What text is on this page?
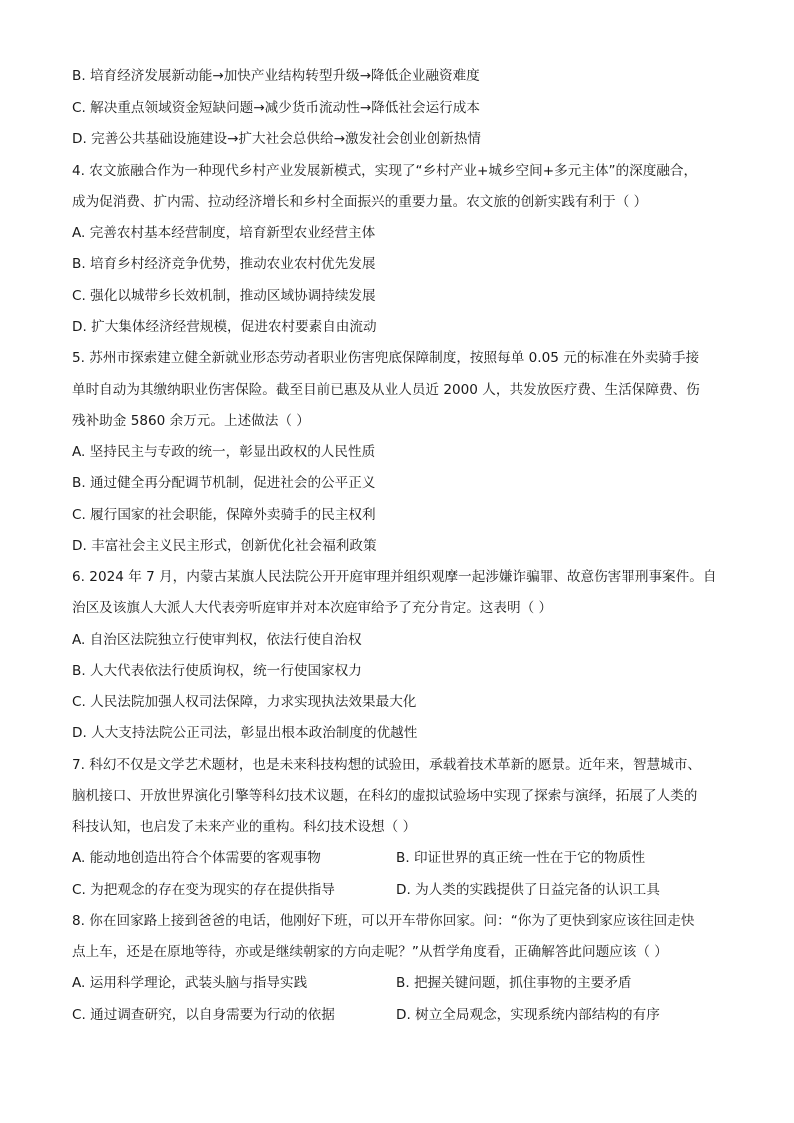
B. 培育经济发展新动能→加快产业结构转型升级→降低企业融资难度
C. 解决重点领域资金短缺问题→减少货币流动性→降低社会运行成本
D. 完善公共基础设施建设→扩大社会总供给→激发社会创业创新热情
4. 农文旅融合作为一种现代乡村产业发展新模式，实现了“乡村产业+城乡空间+多元主体”的深度融合，
成为促消费、扩内需、拉动经济增长和乡村全面振兴的重要力量。农文旅的创新实践有利于（ ）
A. 完善农村基本经营制度，培育新型农业经营主体
B. 培育乡村经济竞争优势，推动农业农村优先发展
C. 强化以城带乡长效机制，推动区域协调持续发展
D. 扩大集体经济经营规模，促进农村要素自由流动
5. 苏州市探索建立健全新就业形态劳动者职业伤害兜底保障制度，按照每单 0.05 元的标准在外卖骑手接
单时自动为其缴纳职业伤害保险。截至目前已惠及从业人员近 2000 人，共发放医疗费、生活保障费、伤
残补助金 5860 余万元。上述做法（ ）
A. 坚持民主与专政的统一，彰显出政权的人民性质
B. 通过健全再分配调节机制，促进社会的公平正义
C. 履行国家的社会职能，保障外卖骑手的民主权利
D. 丰富社会主义民主形式，创新优化社会福利政策
6. 2024 年 7 月，内蒙古某旗人民法院公开开庭审理并组织观摩一起涉嫌诈骗罪、故意伤害罪刑事案件。自
治区及该旗人大派人大代表旁听庭审并对本次庭审给予了充分肯定。这表明（ ）
A. 自治区法院独立行使审判权，依法行使自治权
B. 人大代表依法行使质询权，统一行使国家权力
C. 人民法院加强人权司法保障，力求实现执法效果最大化
D. 人大支持法院公正司法，彰显出根本政治制度的优越性
7. 科幻不仅是文学艺术题材，也是未来科技构想的试验田，承载着技术革新的愿景。近年来，智慧城市、
脑机接口、开放世界演化引擎等科幻技术议题，在科幻的虚拟试验场中实现了探索与演绎，拓展了人类的
科技认知，也启发了未来产业的重构。科幻技术设想（ ）
A. 能动地创造出符合个体需要的客观事物	B. 印证世界的真正统一性在于它的物质性
C. 为把观念的存在变为现实的存在提供指导	D. 为人类的实践提供了日益完备的认识工具
8. 你在回家路上接到爸爸的电话，他刚好下班，可以开车带你回家。问：“你为了更快到家应该往回走快
点上车，还是在原地等待，亦或是继续朝家的方向走呢？”从哲学角度看，正确解答此问题应该（ ）
A. 运用科学理论，武装头脑与指导实践	B. 把握关键问题，抓住事物的主要矛盾
C. 通过调查研究，以自身需要为行动的依据	D. 树立全局观念，实现系统内部结构的有序
